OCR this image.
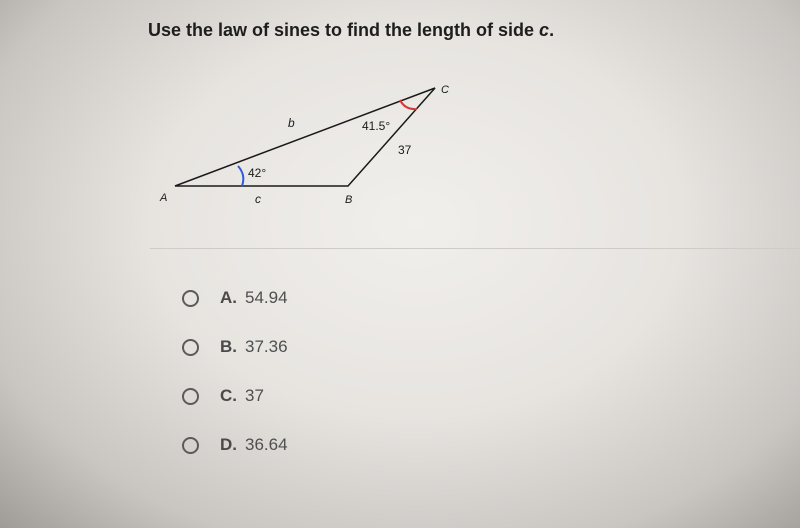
Use the law of sines to find the length of side c.
A	B
C
b
c
37
42°
41.5°
A. 54.94
B. 37.36
C. 37
D. 36.64
